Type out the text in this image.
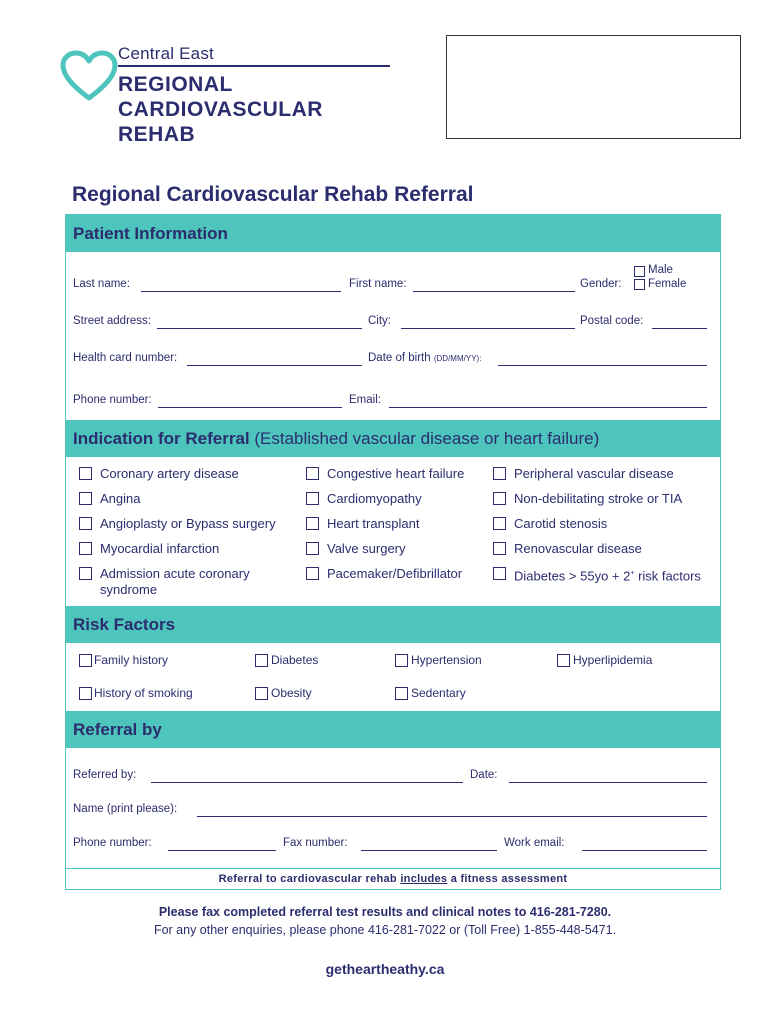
Central East
REGIONAL
CARDIOVASCULAR
REHAB
Regional Cardiovascular Rehab Referral
Patient Information
Last name:	First name:	Gender:
Male
Female
Street address:	City:	Postal code:
Health card number:	Date of birth (DD/MM/YY):
Phone number:	Email:
Indication for Referral (Established vascular disease or heart failure)
Coronary artery disease
Angina
Angioplasty or Bypass surgery
Myocardial infarction
Admission acute coronary syndrome
Congestive heart failure
Cardiomyopathy
Heart transplant
Valve surgery
Pacemaker/Defibrillator
Peripheral vascular disease
Non-debilitating stroke or TIA
Carotid stenosis
Renovascular disease
Diabetes > 55yo + 2+ risk factors
Risk Factors
Family history	Diabetes	Hypertension	Hyperlipidemia
History of smoking	Obesity	Sedentary
Referral by
Referred by:	Date:
Name (print please):
Phone number:	Fax number:	Work email:
Referral to cardiovascular rehab includes a fitness assessment
Please fax completed referral test results and clinical notes to 416-281-7280.
For any other enquiries, please phone 416-281-7022 or (Toll Free) 1-855-448-5471.
getheartheathy.ca
